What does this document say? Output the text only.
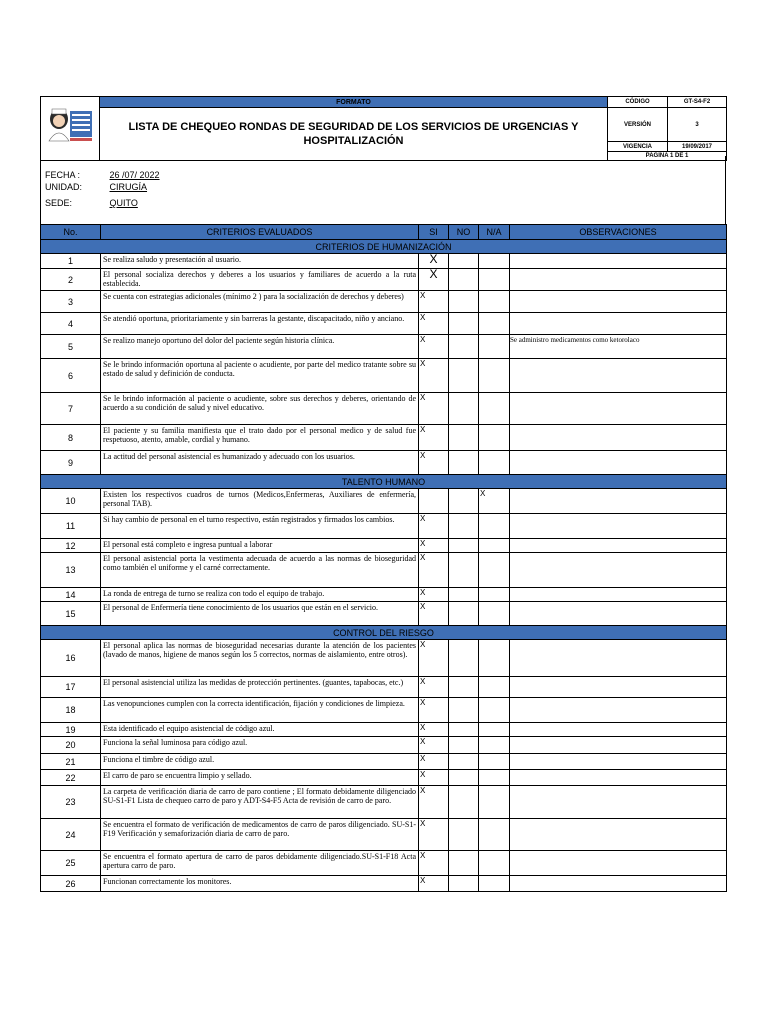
	FORMATO	CÓDIGO	GT-S4-F2
	LISTA DE CHEQUEO RONDAS DE SEGURIDAD DE LOS SERVICIOS DE URGENCIAS Y HOSPITALIZACIÓN	VERSIÓN	3
		VIGENCIA	19/09/2017
		PAGINA 1 DE 1	
FECHA :	26 /07/ 2022
UNIDAD:	CIRUGÍA
SEDE:	QUITO
No.	CRITERIOS EVALUADOS	SI	NO	N/A	OBSERVACIONES
CRITERIOS DE HUMANIZACIÓN					
1	Se realiza saludo y presentación al usuario.	X			
2	El personal socializa derechos y deberes a los usuarios y familiares de acuerdo a la ruta establecida.	X			
3	Se cuenta con estrategias adicionales (mínimo 2 ) para la socialización de derechos y deberes)	X			
4	Se atendió oportuna, prioritariamente y sin barreras la gestante, discapacitado, niño y anciano.	X			
5	Se realizo manejo oportuno del dolor del paciente según historia clínica.	X			Se administro medicamentos como ketorolaco
6	Se le brindo información oportuna al paciente o acudiente, por parte del medico tratante sobre su estado de salud y definición de conducta.	X			
7	Se le brindo información al paciente o acudiente, sobre sus derechos y deberes, orientando de acuerdo a su condición de salud y nivel educativo.	X			
8	El paciente y su familia manifiesta que el trato dado por el personal medico y de salud fue respetuoso, atento, amable, cordial y humano.	X			
9	La actitud del personal asistencial es humanizado y adecuado con los usuarios.	X			
TALENTO HUMANO					
10	Existen los respectivos cuadros de turnos (Medicos,Enfermeras, Auxiliares de enfermería, personal TAB).			X	
11	Si hay cambio de personal en el turno respectivo, están registrados y firmados los cambios.	X			
12	El personal está completo e ingresa puntual a laborar	X			
13	El personal asistencial porta la vestimenta adecuada de acuerdo a las normas de bioseguridad como también el uniforme y el carné correctamente.	X			
14	La ronda de entrega de turno se realiza con todo el equipo de trabajo.	X			
15	El personal de Enfermería tiene conocimiento de los usuarios que están en el servicio.	X			
CONTROL DEL RIESGO					
16	El personal aplica las normas de bioseguridad necesarias durante la atención de los pacientes (lavado de manos, higiene de manos según los 5 correctos, normas de aislamiento, entre otros).	X			
17	El personal asistencial utiliza las medidas de protección pertinentes. (guantes, tapabocas, etc.)	X			
18	Las venopunciones cumplen con la correcta identificación, fijación y condiciones de limpieza.	X			
19	Esta identificado el equipo asistencial de código azul.	X			
20	Funciona la señal luminosa para código azul.	X			
21	Funciona el timbre de código azul.	X			
22	El carro de paro se encuentra limpio y sellado.	X			
23	La carpeta de verificación diaria de carro de paro contiene ; El formato debidamente diligenciado SU-S1-F1 Lista de chequeo carro de paro y ADT-S4-F5 Acta de revisión de carro de paro.	X			
24	Se encuentra el formato de verificación de medicamentos de carro de paros diligenciado. SU-S1-F19 Verificación y semaforización diaria de carro de paro.	X			
25	Se encuentra el formato apertura de carro de paros debidamente diligenciado.SU-S1-F18 Acta apertura carro de paro.	X			
26	Funcionan correctamente los monitores.	X			
